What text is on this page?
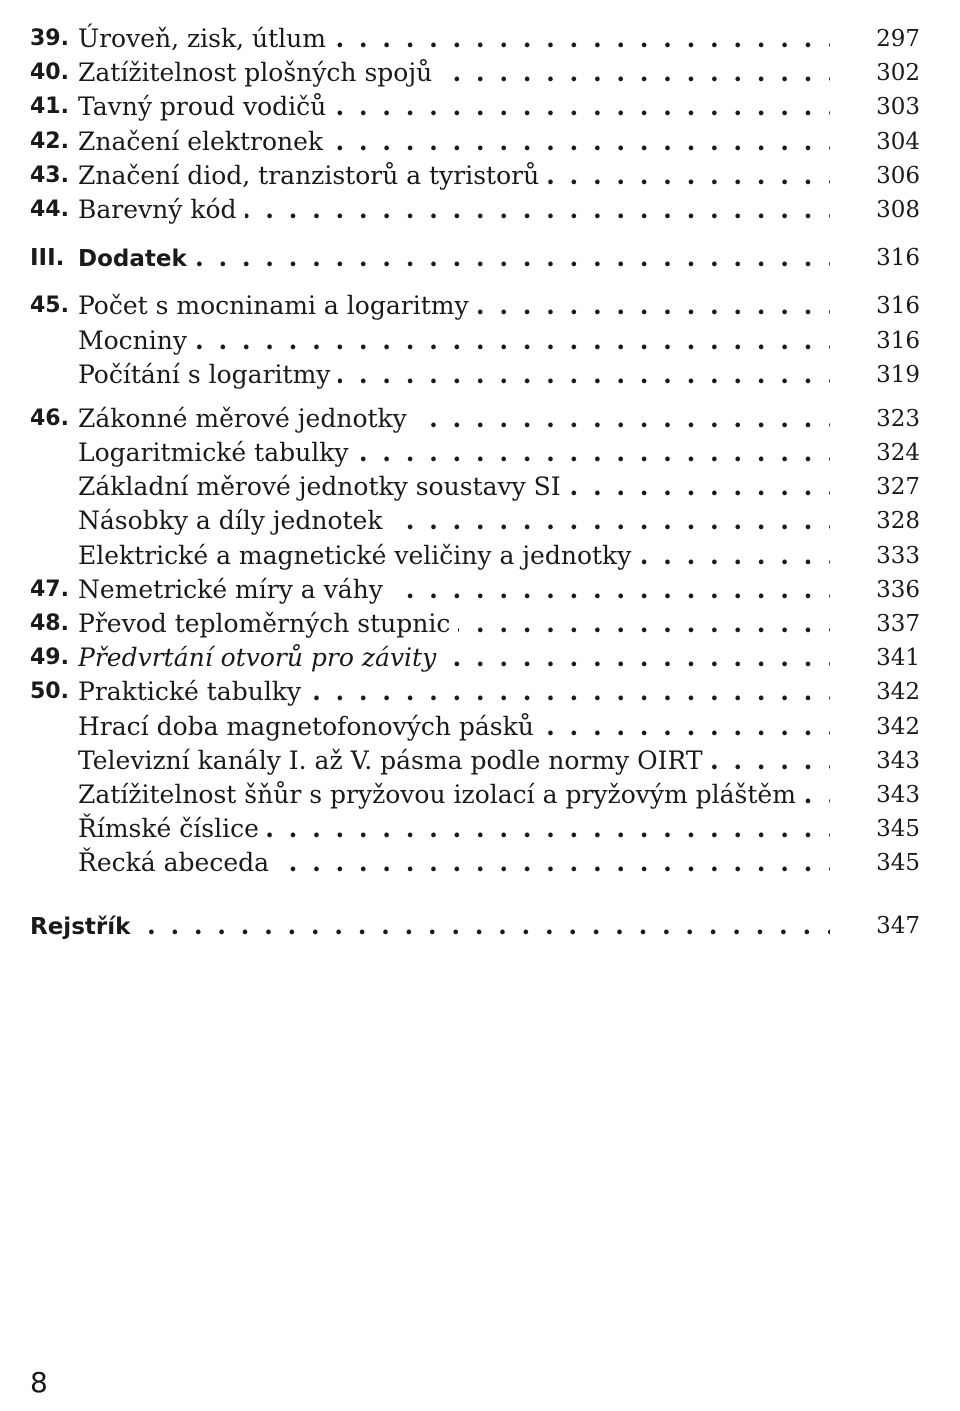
39. Úroveň, zisk, útlum . . .	297
40. Zatížitelnost plošných spojů . . .	302
41. Tavný proud vodičů . . .	303
42. Značení elektronek . . .	304
43. Značení diod, tranzistorů a tyristorů . . .	306
44. Barevný kód . . .	308
III. Dodatek . . .	316
45. Počet s mocninami a logaritmy . . .	316
Mocniny . . .	316
Počítání s logaritmy . . .	319
46. Zákonné měrové jednotky . . .	323
Logaritmické tabulky . . .	324
Základní měrové jednotky soustavy SI . . .	327
Násobky a díly jednotek . . .	328
Elektrické a magnetické veličiny a jednotky . . .	333
47. Nemetrické míry a váhy . . .	336
48. Převod teploměrných stupnic . . .	337
49. Předvrtání otvorů pro závity . . .	341
50. Praktické tabulky . . .	342
Hrací doba magnetofonových pásků . . .	342
Televizní kanály I. až V. pásma podle normy OIRT . . .	343
Zatížitelnost šňůr s pryžovou izolací a pryžovým pláštěm . . .	343
Římské číslice . . .	345
Řecká abeceda . . .	345
Rejstřík . . .	347
8
